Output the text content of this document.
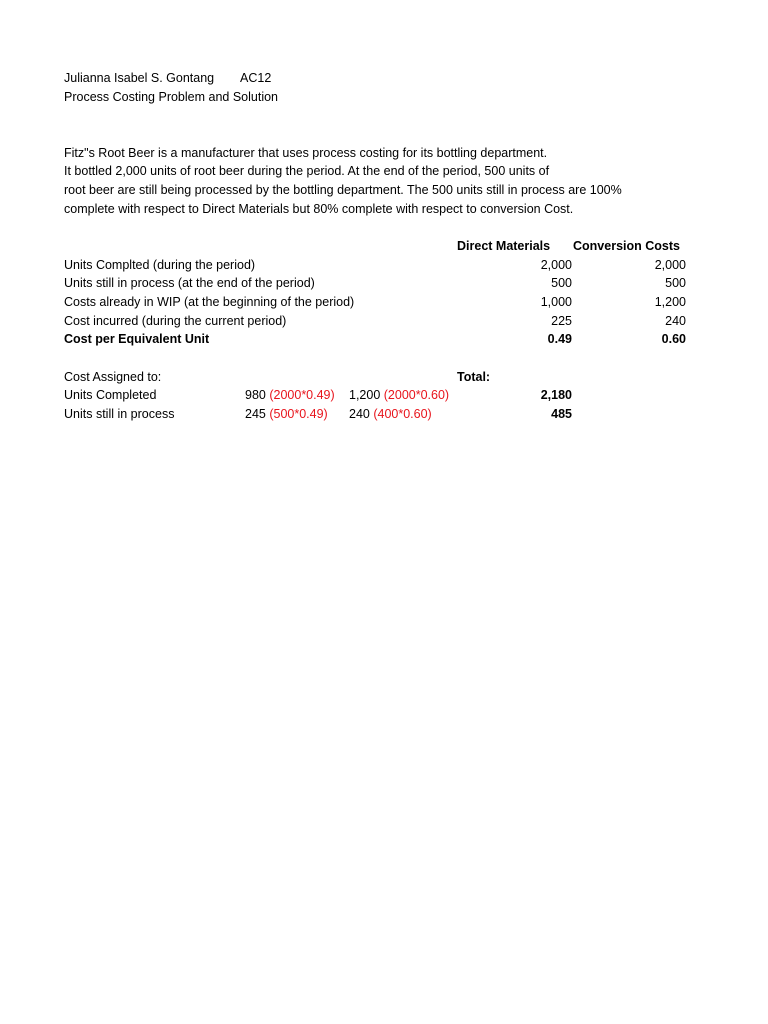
Julianna Isabel S. Gontang AC12
Process Costing Problem and Solution
Fitz"s Root Beer is a manufacturer that uses process costing for its bottling department.
It bottled 2,000 units of root beer during the period. At the end of the period, 500 units of
root beer are still being processed by the bottling department. The 500 units still in process are 100%
complete with respect to Direct Materials but 80% complete with respect to conversion Cost.
Direct Materials Conversion Costs
Units Complted (during the period)	2,000	2,000
Units still in process (at the end of the period)	500	500
Costs already in WIP (at the beginning of the period)	1,000	1,200
Cost incurred (during the current period)	225	240
Cost per Equivalent Unit	0.49	0.60
Cost Assigned to:	Total:
Units Completed	980 (2000*0.49) 1,200 (2000*0.60)	2,180
Units still in process	245 (500*0.49) 240 (400*0.60)	485
